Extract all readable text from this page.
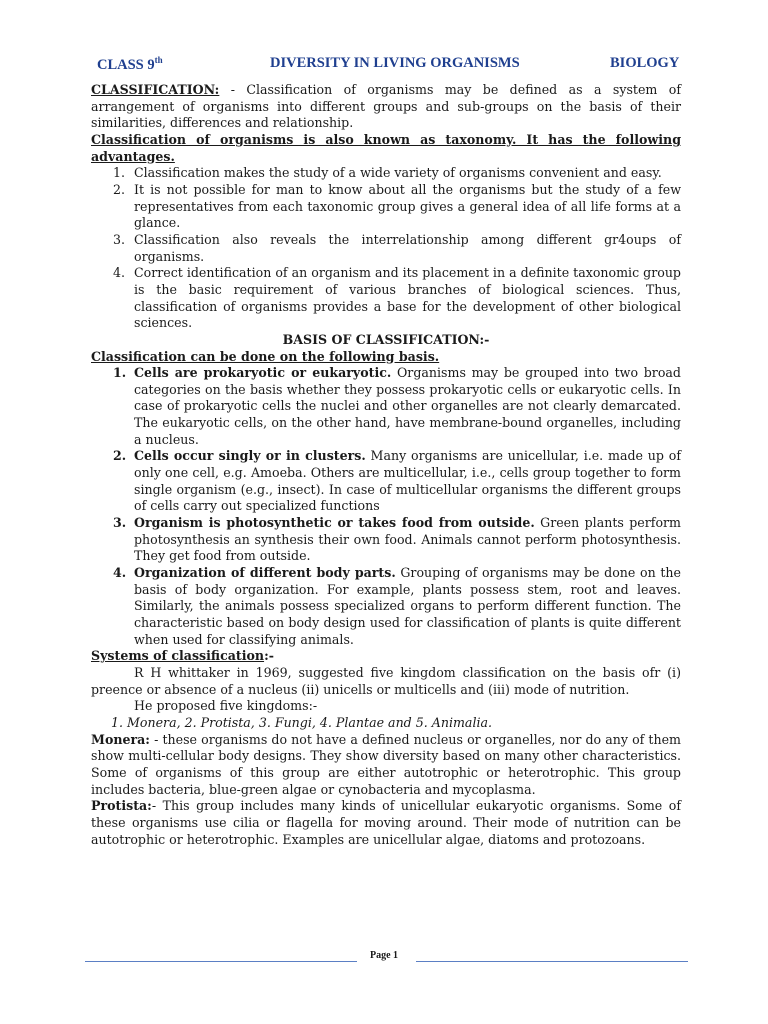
CLASS 9th	DIVERSITY IN LIVING ORGANISMS	BIOLOGY

CLASSIFICATION: - Classification of organisms may be defined as a system of arrangement of organisms into different groups and sub-groups on the basis of their similarities, differences and relationship.

Classification of organisms is also known as taxonomy. It has the following advantages.

1. Classification makes the study of a wide variety of organisms convenient and easy.
2. It is not possible for man to know about all the organisms but the study of a few representatives from each taxonomic group gives a general idea of all life forms at a glance.
3. Classification also reveals the interrelationship among different gr4oups of organisms.
4. Correct identification of an organism and its placement in a definite taxonomic group is the basic requirement of various branches of biological sciences. Thus, classification of organisms provides a base for the development of other biological sciences.

BASIS OF CLASSIFICATION:-

Classification can be done on the following basis.

1. Cells are prokaryotic or eukaryotic. Organisms may be grouped into two broad categories on the basis whether they possess prokaryotic cells or eukaryotic cells. In case of prokaryotic cells the nuclei and other organelles are not clearly demarcated. The eukaryotic cells, on the other hand, have membrane-bound organelles, including a nucleus.
2. Cells occur singly or in clusters. Many organisms are unicellular, i.e. made up of only one cell, e.g. Amoeba. Others are multicellular, i.e., cells group together to form single organism (e.g., insect). In case of multicellular organisms the different groups of cells carry out specialized functions
3. Organism is photosynthetic or takes food from outside. Green plants perform photosynthesis an synthesis their own food. Animals cannot perform photosynthesis. They get food from outside.
4. Organization of different body parts. Grouping of organisms may be done on the basis of body organization. For example, plants possess stem, root and leaves. Similarly, the animals possess specialized organs to perform different function. The characteristic based on body design used for classification of plants is quite different when used for classifying animals.

Systems of classification:-

R H whittaker in 1969, suggested five kingdom classification on the basis ofr (i) preence or absence of a nucleus (ii) unicells or multicells and (iii) mode of nutrition.

He proposed five kingdoms:-

1. Monera, 2. Protista, 3. Fungi, 4. Plantae and 5. Animalia.

Monera: - these organisms do not have a defined nucleus or organelles, nor do any of them show multi-cellular body designs. They show diversity based on many other characteristics. Some of organisms of this group are either autotrophic or heterotrophic. This group includes bacteria, blue-green algae or cynobacteria and mycoplasma.

Protista:- This group includes many kinds of unicellular eukaryotic organisms. Some of these organisms use cilia or flagella for moving around. Their mode of nutrition can be autotrophic or heterotrophic. Examples are unicellular algae, diatoms and protozoans.

Page 1
